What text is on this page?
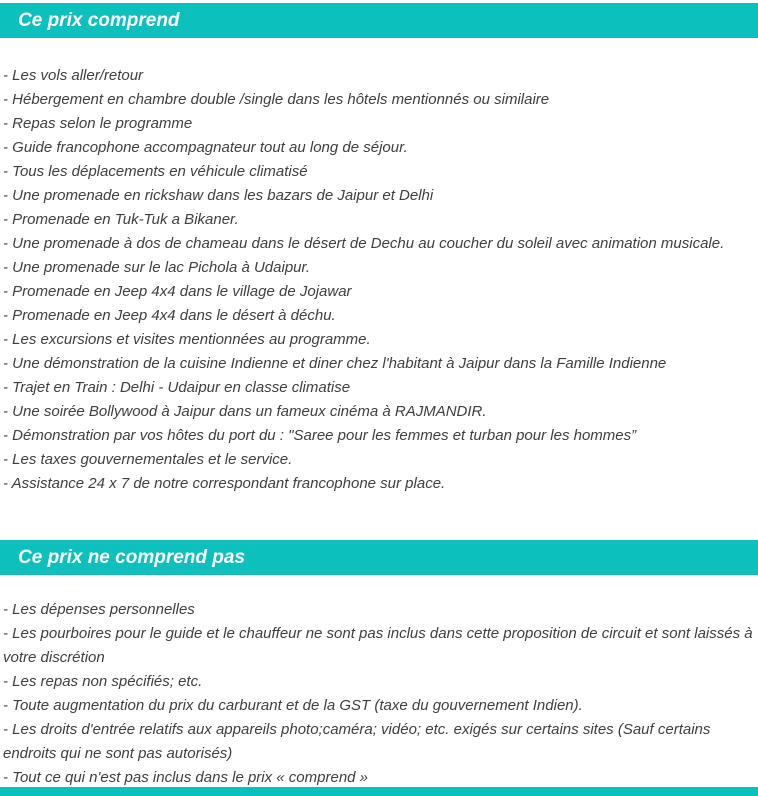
Ce prix comprend

- Les vols aller/retour

- Hébergement en chambre double /single dans les hôtels mentionnés ou similaire

- Repas selon le programme

- Guide francophone accompagnateur tout au long de séjour.

- Tous les déplacements en véhicule climatisé

- Une promenade en rickshaw dans les bazars de Jaipur et Delhi

- Promenade en Tuk-Tuk a Bikaner.

- Une promenade à dos de chameau dans le désert de Dechu au coucher du soleil avec animation musicale.

- Une promenade sur le lac Pichola à Udaipur.

- Promenade en Jeep 4x4 dans le village de Jojawar

- Promenade en Jeep 4x4 dans le désert à déchu.

- Les excursions et visites mentionnées au programme.

- Une démonstration de la cuisine Indienne et diner chez l'habitant à Jaipur dans la Famille Indienne

- Trajet en Train : Delhi - Udaipur en classe climatise

- Une soirée Bollywood à Jaipur dans un fameux cinéma à RAJMANDIR.

- Démonstration par vos hôtes du port du : "Saree pour les femmes et turban pour les hommes”

- Les taxes gouvernementales et le service.

- Assistance 24 x 7 de notre correspondant francophone sur place.

Ce prix ne comprend pas

- Les dépenses personnelles

- Les pourboires pour le guide et le chauffeur ne sont pas inclus dans cette proposition de circuit et sont laissés à votre discrétion

- Les repas non spécifiés; etc.

- Toute augmentation du prix du carburant et de la GST (taxe du gouvernement Indien).

- Les droits d'entrée relatifs aux appareils photo;caméra; vidéo; etc. exigés sur certains sites (Sauf certains endroits qui ne sont pas autorisés)

- Tout ce qui n'est pas inclus dans le prix « comprend »
